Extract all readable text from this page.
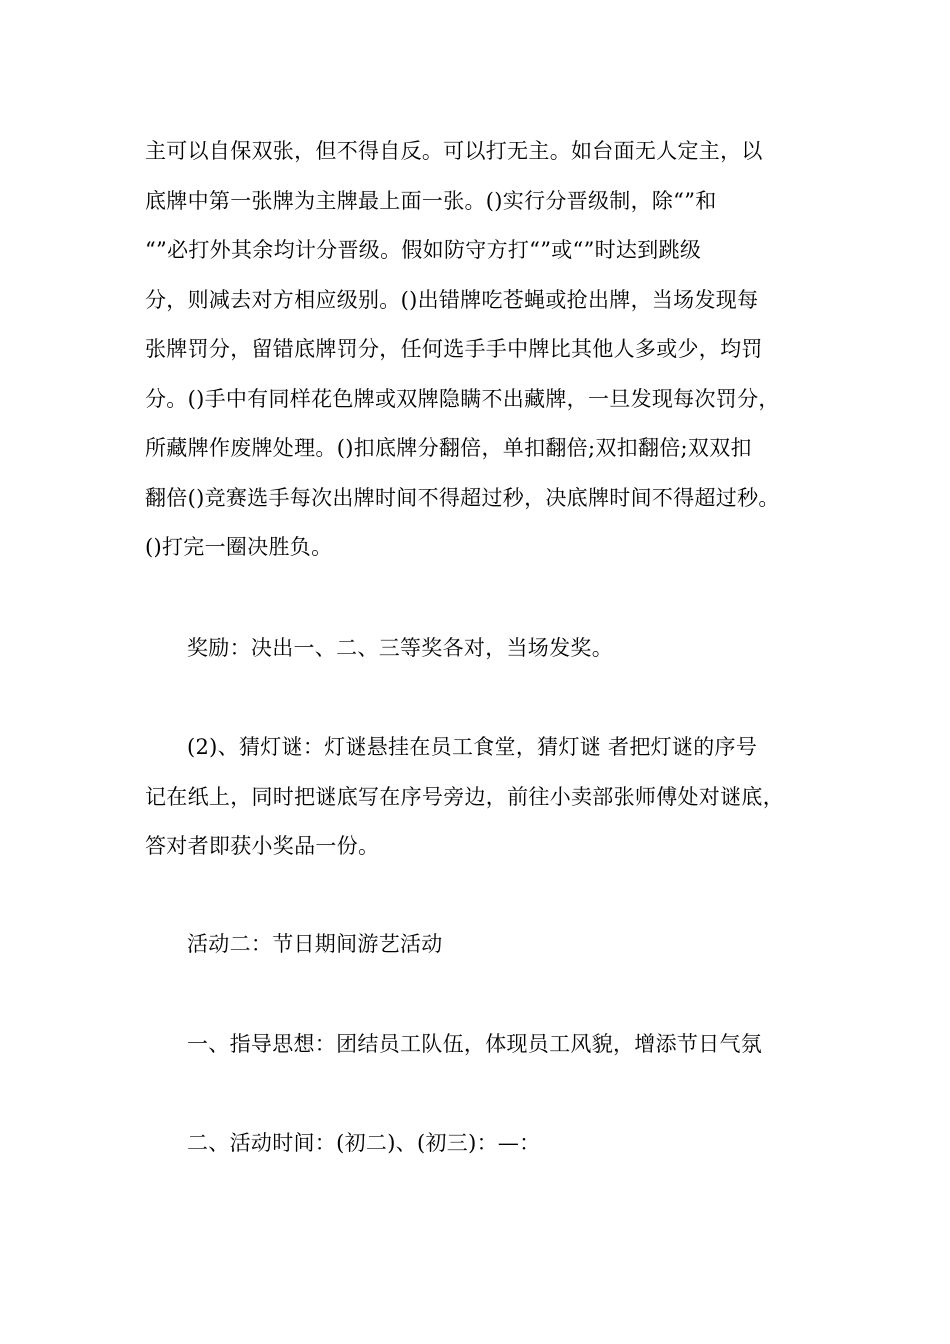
主可以自保双张，但不得自反。可以打无主。如台面无人定主，以
底牌中第一张牌为主牌最上面一张。()实行分晋级制，除“”和
“”必打外其余均计分晋级。假如防守方打“”或“”时达到跳级
分，则减去对方相应级别。()出错牌吃苍蝇或抢出牌，当场发现每
张牌罚分，留错底牌罚分，任何选手手中牌比其他人多或少，均罚
分。()手中有同样花色牌或双牌隐瞒不出藏牌，一旦发现每次罚分，
所藏牌作废牌处理。()扣底牌分翻倍，单扣翻倍;双扣翻倍;双双扣
翻倍()竞赛选手每次出牌时间不得超过秒，决底牌时间不得超过秒。
()打完一圈决胜负。
奖励：决出一、二、三等奖各对，当场发奖。
(2)、猜灯谜：灯谜悬挂在员工食堂，猜灯谜 者把灯谜的序号
记在纸上，同时把谜底写在序号旁边，前往小卖部张师傅处对谜底，
答对者即获小奖品一份。
活动二：节日期间游艺活动
一、指导思想：团结员工队伍，体现员工风貌，增添节日气氛
二、活动时间：(初二)、(初三)：—：
